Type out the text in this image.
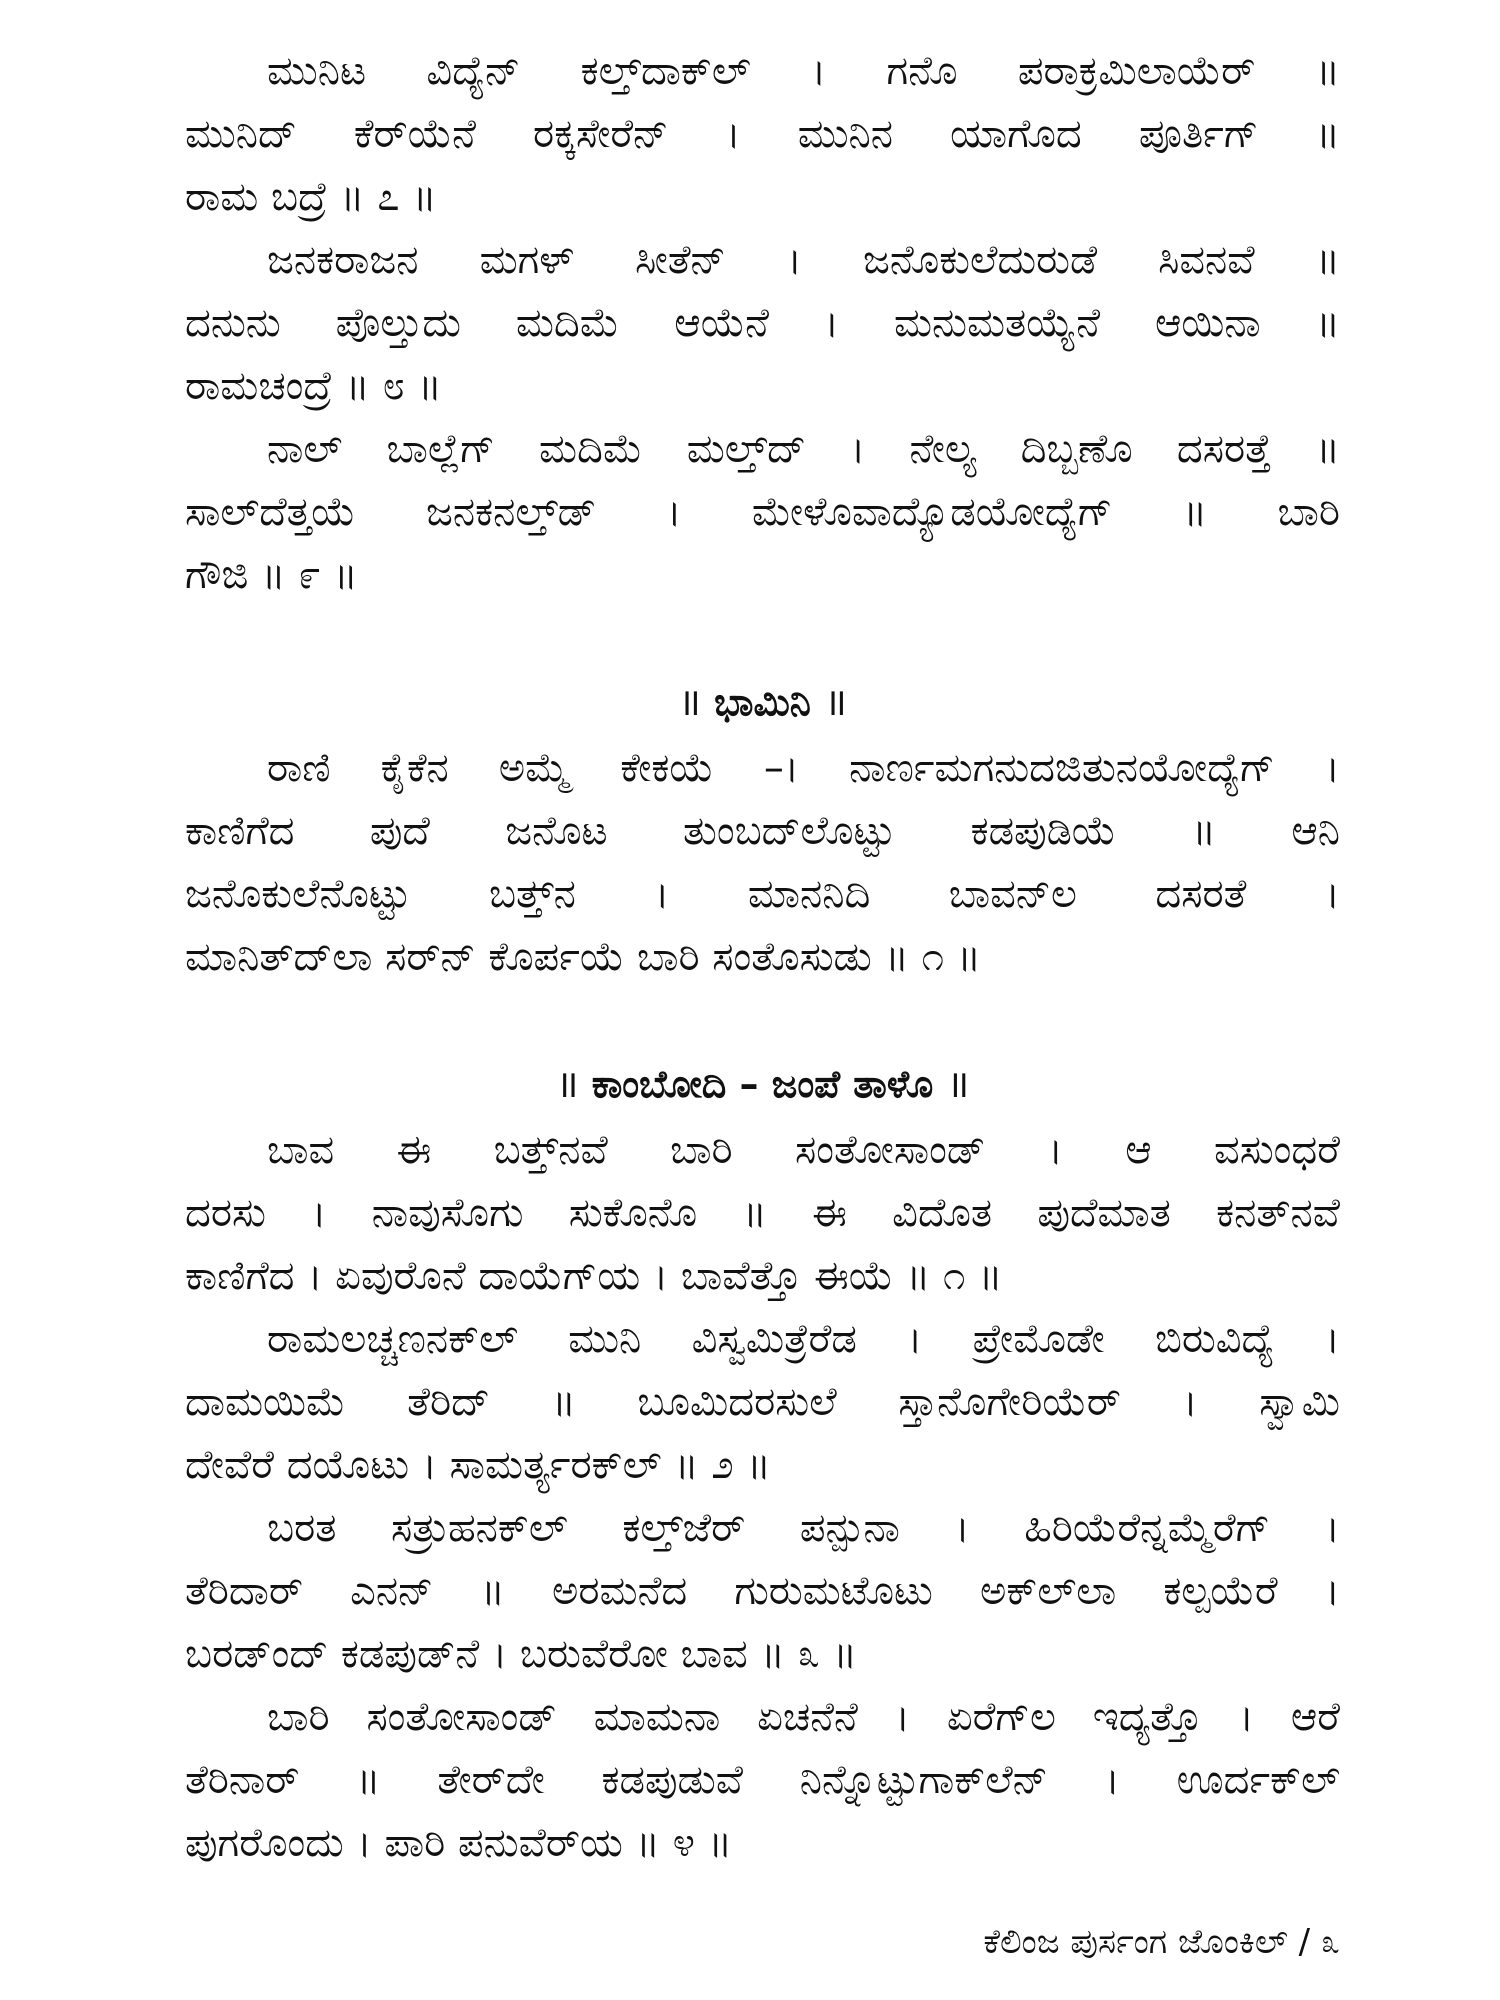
ಮುನಿಟ ವಿದ್ಯೆನ್ ಕಲ್ತ್‌ದಾಕ್‌ಲ್ । ಗನೊ ಪರಾಕ್ರಮಿಲಾಯೆರ್ ॥
ಮುನಿದ್ ಕೆರ್‌ಯೆನೆ ರಕ್ಕಸೇರೆನ್ । ಮುನಿನ ಯಾಗೊದ ಪೂರ್ತಿಗ್ ॥
ರಾಮ ಬದ್ರೆ ॥ ೭ ॥
ಜನಕರಾಜನ ಮಗಳ್ ಸೀತೆನ್ । ಜನೊಕುಲೆದುರುಡೆ ಸಿವನವೆ ॥
ದನುನು ಪೊಲ್ತುದು ಮದಿಮೆ ಆಯೆನೆ । ಮನುಮತಯ್ಯೆನೆ ಆಯಿನಾ ॥
ರಾಮಚಂದ್ರೆ ॥ ೮ ॥
ನಾಲ್ ಬಾಲ್ಲೆಗ್ ಮದಿಮೆ ಮಲ್ತ್‌ದ್ । ನೇಲ್ಯ ದಿಬ್ಬಣೊ ದಸರತ್ತೆ ॥
ಸಾಲ್‌ದೆತ್ತಯೆ ಜನಕನಲ್ತ್‌ಡ್ । ಮೇಳೊವಾದ್ಯೊಡಯೋದ್ಯೆಗ್ ॥ ಬಾರಿ
ಗೌಜಿ ॥ ೯ ॥
॥ ಭಾಮಿನಿ ॥
ರಾಣಿ ಕೈಕೆನ ಅಮ್ಮೆ ಕೇಕಯೆ –। ನಾರ್ಣಮಗನುದಜಿತುನಯೋದ್ಯೆಗ್ ।
ಕಾಣಿಗೆದ ಪುದೆ ಜನೊಟ ತುಂಬದ್‌ಲೊಟ್ಟು ಕಡಪುಡಿಯೆ ॥ ಆನಿ
ಜನೊಕುಲೆನೊಟ್ಟು ಬತ್ತ್‌ನ । ಮಾನನಿದಿ ಬಾವನ್‌ಲ ದಸರತೆ ।
ಮಾನಿತ್‌ದ್‌ಲಾ ಸರ್‌ನ್ ಕೊರ್ಪಯೆ ಬಾರಿ ಸಂತೊಸುಡು ॥ ೧ ॥
॥ ಕಾಂಬೋದಿ – ಜಂಪೆ ತಾಳೊ ॥
ಬಾವ ಈ ಬತ್ತ್‌ನವೆ ಬಾರಿ ಸಂತೋಸಾಂಡ್ । ಆ ವಸುಂಧರೆ
ದರಸು । ನಾವುಸೊಗು ಸುಕೊನೊ ॥ ಈ ವಿದೊತ ಪುದೆಮಾತ ಕನತ್‌ನವೆ
ಕಾಣಿಗೆದ । ಏವುರೊನೆ ದಾಯೆಗ್‌ಯ । ಬಾವೆತ್ತೊ ಈಯೆ ॥ ೧ ॥
ರಾಮಲಚ್ಚಣನಕ್‌ಲ್ ಮುನಿ ವಿಸ್ವಮಿತ್ರೆರೆಡ । ಪ್ರೇಮೊಡೇ ಬಿರುವಿದ್ಯೆ ।
ದಾಮಯಿಮೆ ತೆರಿದ್ ॥ ಬೂಮಿದರಸುಲೆ ಸ್ತಾನೊಗೇರಿಯೆರ್ । ಸ್ವಾಮಿ
ದೇವೆರೆ ದಯೊಟು । ಸಾಮರ್ತ್ಯರಕ್‌ಲ್ ॥ ೨ ॥
ಬರತ ಸತ್ರುಹನಕ್‌ಲ್ ಕಲ್ತ್‌ಜೆರ್ ಪನ್ಪುನಾ । ಹಿರಿಯೆರೆನ್ನಮ್ಮೆರೆಗ್ ।
ತೆರಿದಾರ್ ಎನನ್ ॥ ಅರಮನೆದ ಗುರುಮಟೊಟು ಅಕ್‌ಲ್‌ಲಾ ಕಲ್ಪಯೆರೆ ।
ಬರಡ್ಂದ್ ಕಡಪುಡ್‌ನೆ । ಬರುವೆರೋ ಬಾವ ॥ ೩ ॥
ಬಾರಿ ಸಂತೋಸಾಂಡ್ ಮಾಮನಾ ಏಚನೆನೆ । ಏರೆಗ್‌ಲ ಇದ್ಯತ್ತೊ । ಆರೆ
ತೆರಿನಾರ್ ॥ ತೇರ್‌ದೇ ಕಡಪುಡುವೆ ನಿನ್ನೊಟ್ಟುಗಾಕ್‌ಲೆನ್ । ಊರ್ದಕ್‌ಲ್
ಪುಗರೊಂದು । ಪಾರಿ ಪನುವೆರ್‌ಯ ॥ ೪ ॥
ಕೆಲಿಂಜ ಪುರ್ಸಂಗ ಜೊಂಕಿಲ್ / ೩
